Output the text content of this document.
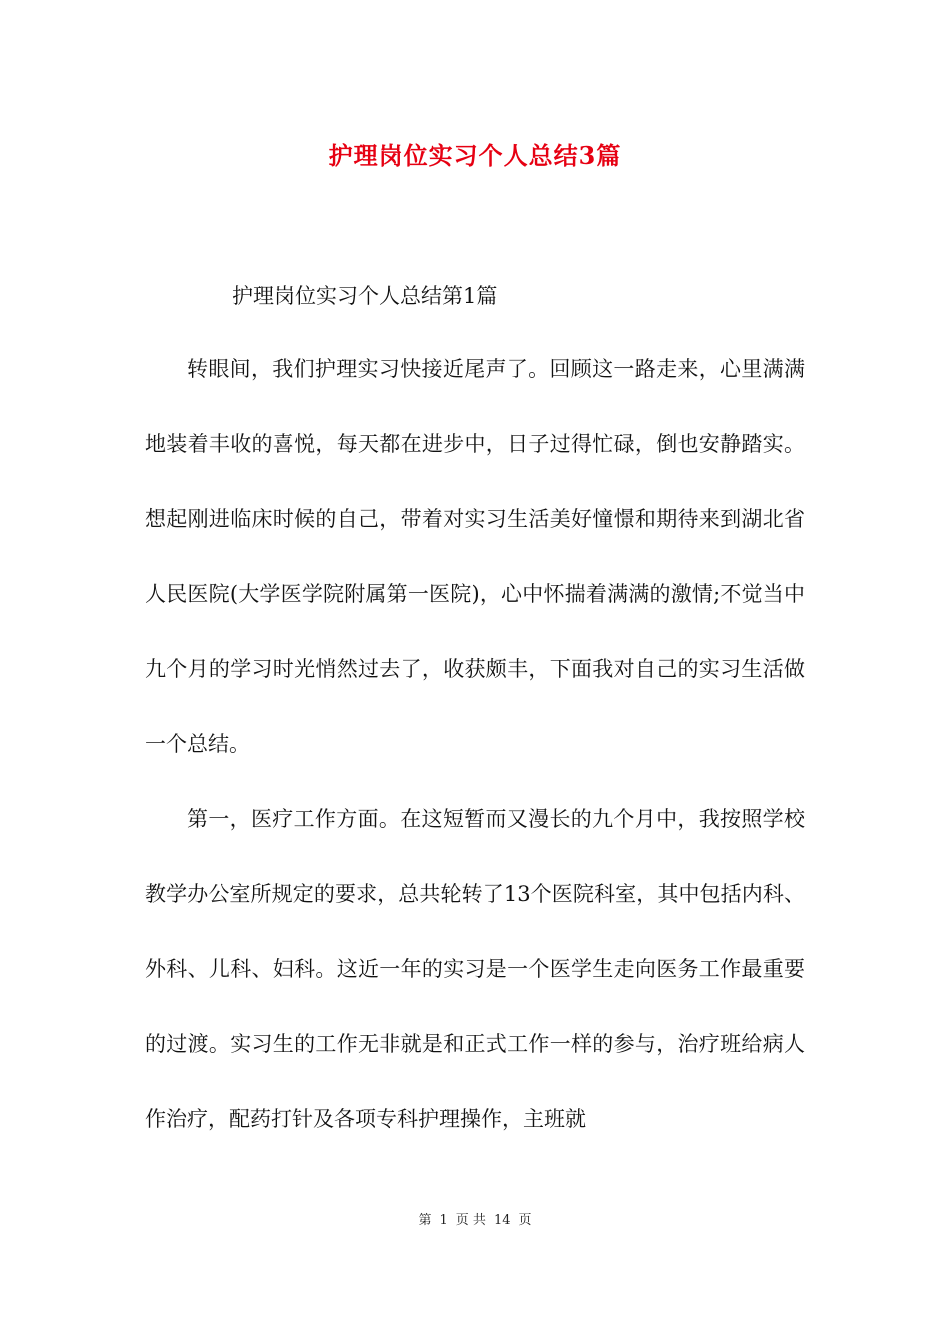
护理岗位实习个人总结3篇

护理岗位实习个人总结第1篇

转眼间，我们护理实习快接近尾声了。回顾这一路走来，心里满满地装着丰收的喜悦，每天都在进步中，日子过得忙碌，倒也安静踏实。想起刚进临床时候的自己，带着对实习生活美好憧憬和期待来到湖北省人民医院(大学医学院附属第一医院)，心中怀揣着满满的激情;不觉当中九个月的学习时光悄然过去了，收获颇丰，下面我对自己的实习生活做一个总结。

第一，医疗工作方面。在这短暂而又漫长的九个月中，我按照学校教学办公室所规定的要求，总共轮转了13个医院科室，其中包括内科、外科、儿科、妇科。这近一年的实习是一个医学生走向医务工作最重要的过渡。实习生的工作无非就是和正式工作一样的参与，治疗班给病人作治疗，配药打针及各项专科护理操作，主班就

第 1 页 共 14 页
